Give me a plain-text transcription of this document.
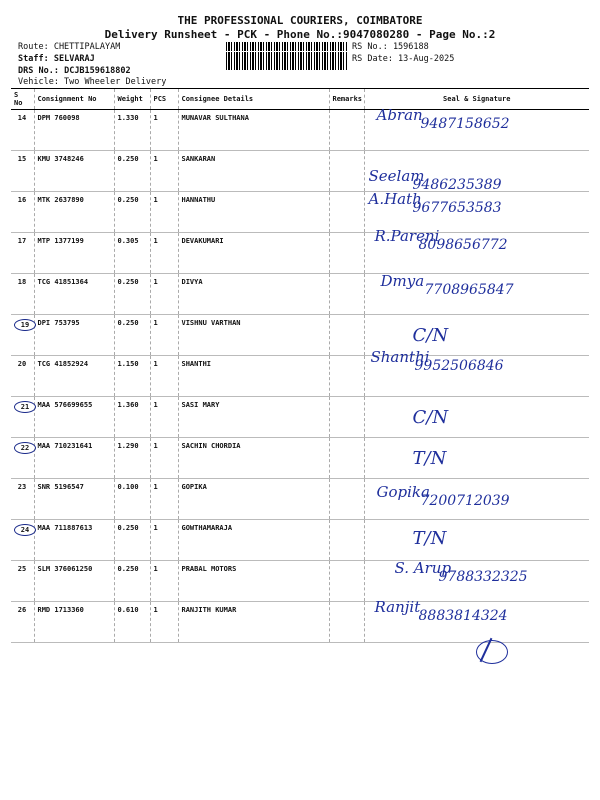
THE PROFESSIONAL COURIERS, COIMBATORE
Delivery Runsheet - PCK - Phone No.:9047080280 - Page No.:2
Route: CHETTIPALAYAM
Staff: SELVARAJ
DRS No.: DCJB159618802
Vehicle: Two Wheeler Delivery
RS No.: 1596188
RS Date: 13-Aug-2025
S No	Consignment No	Weight	PCS	Consignee Details	Remarks	Seal & Signature
14	DPM 760098	1.330	1	MUNAVAR SULTHANA		Abran
9487158652

15	KMU 3748246	0.250	1	SANKARAN		Seelam
9486235389

16	MTK 2637890	0.250	1	HANNATHU		A.Hath
9677653583

17	MTP 1377199	0.305	1	DEVAKUMARI		R.Pareni
8098656772

18	TCG 41851364	0.250	1	DIVYA		Dmya 7708965847

19	DPI 753795	0.250	1	VISHNU VARTHAN		C/N

20	TCG 41852924	1.150	1	SHANTHI		Shanthi
9952506846

21	MAA 576699655	1.360	1	SASI MARY		C/N

22	MAA 710231641	1.290	1	SACHIN CHORDIA		T/N

23	SNR 5196547	0.100	1	GOPIKA		Gopika
7200712039

24	MAA 711887613	0.250	1	GOWTHAMARAJA		T/N

25	SLM 376061250	0.250	1	PRABAL MOTORS		S. Arup
9788332325

26	RMD 1713360	0.610	1	RANJITH KUMAR		Ranjit
8883814324
